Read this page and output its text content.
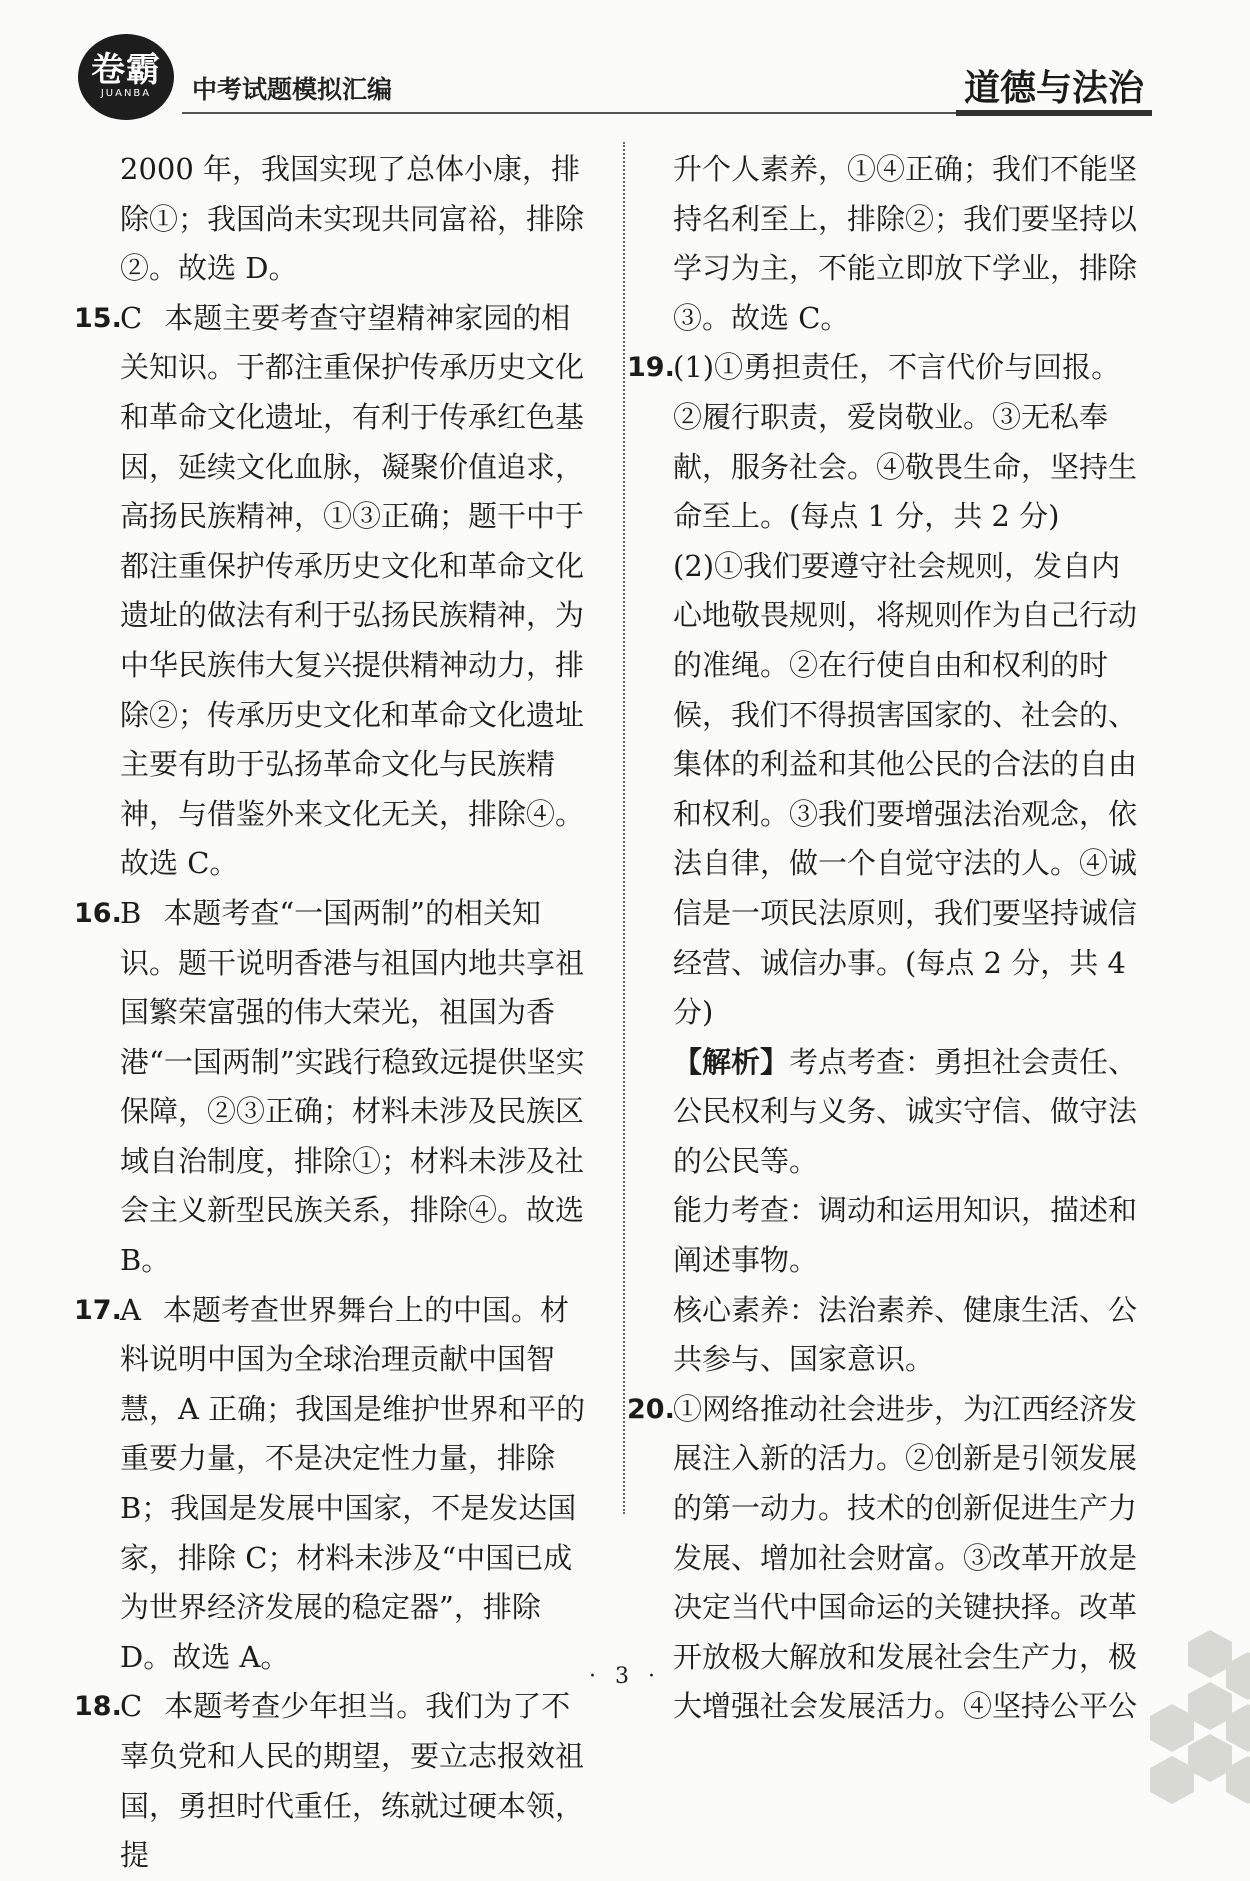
卷霸
JUANBA	中考试题模拟汇编	道德与法治
2000 年，我国实现了总体小康，排除①；我国尚未实现共同富裕，排除②。故选 D。
15.
C 本题主要考查守望精神家园的相关知识。于都注重保护传承历史文化和革命文化遗址，有利于传承红色基因，延续文化血脉，凝聚价值追求，高扬民族精神，①③正确；题干中于都注重保护传承历史文化和革命文化遗址的做法有利于弘扬民族精神，为中华民族伟大复兴提供精神动力，排除②；传承历史文化和革命文化遗址主要有助于弘扬革命文化与民族精神，与借鉴外来文化无关，排除④。故选 C。
16.
B 本题考查“一国两制”的相关知识。题干说明香港与祖国内地共享祖国繁荣富强的伟大荣光，祖国为香港“一国两制”实践行稳致远提供坚实保障，②③正确；材料未涉及民族区域自治制度，排除①；材料未涉及社会主义新型民族关系，排除④。故选 B。
17.
A 本题考查世界舞台上的中国。材料说明中国为全球治理贡献中国智慧，A 正确；我国是维护世界和平的重要力量，不是决定性力量，排除 B；我国是发展中国家，不是发达国家，排除 C；材料未涉及“中国已成为世界经济发展的稳定器”，排除 D。故选 A。
18.
C 本题考查少年担当。我们为了不辜负党和人民的期望，要立志报效祖国，勇担时代重任，练就过硬本领，提
升个人素养，①④正确；我们不能坚持名利至上，排除②；我们要坚持以学习为主，不能立即放下学业，排除③。故选 C。
19.
(1)①勇担责任，不言代价与回报。②履行职责，爱岗敬业。③无私奉献，服务社会。④敬畏生命，坚持生命至上。(每点 1 分，共 2 分)
(2)①我们要遵守社会规则，发自内心地敬畏规则，将规则作为自己行动的准绳。②在行使自由和权利的时候，我们不得损害国家的、社会的、集体的利益和其他公民的合法的自由和权利。③我们要增强法治观念，依法自律，做一个自觉守法的人。④诚信是一项民法原则，我们要坚持诚信经营、诚信办事。(每点 2 分，共 4 分)
【解析】考点考查：勇担社会责任、公民权利与义务、诚实守信、做守法的公民等。
能力考查：调动和运用知识，描述和阐述事物。
核心素养：法治素养、健康生活、公共参与、国家意识。
20.
①网络推动社会进步，为江西经济发展注入新的活力。②创新是引领发展的第一动力。技术的创新促进生产力发展、增加社会财富。③改革开放是决定当代中国命运的关键抉择。改革开放极大解放和发展社会生产力，极大增强社会发展活力。④坚持公平公
· 3 ·
